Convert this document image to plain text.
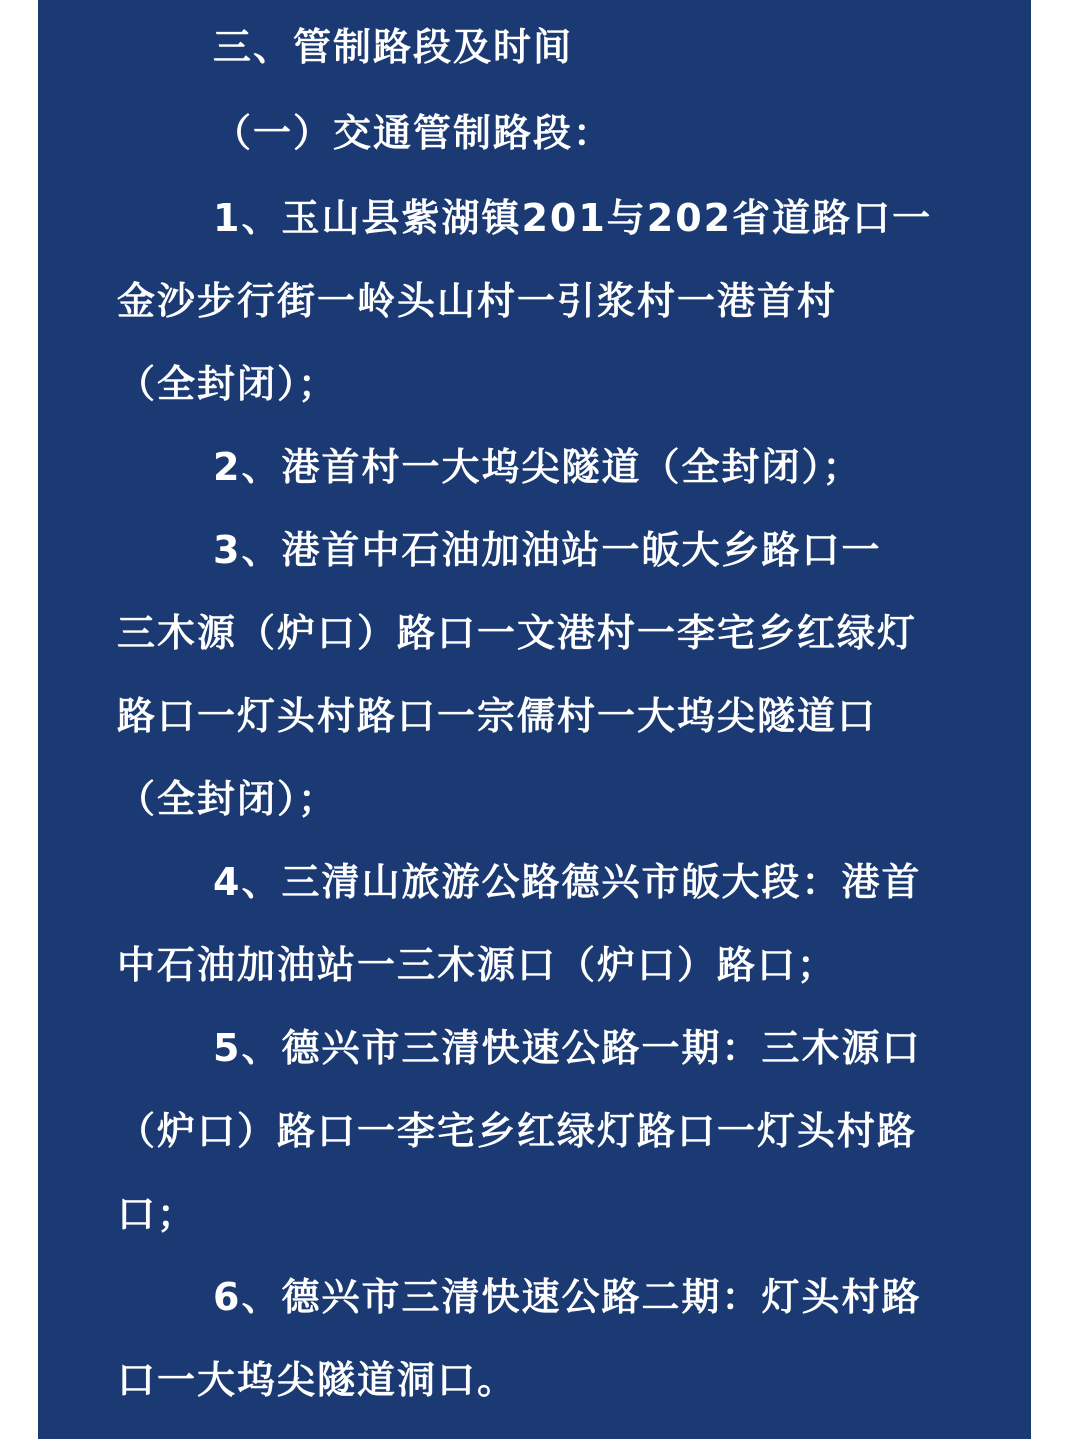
三、管制路段及时间
（一）交通管制路段：
1、玉山县紫湖镇201与202省道路口一
金沙步行街一岭头山村一引浆村一港首村
（全封闭）；
2、港首村一大坞尖隧道（全封闭）；
3、港首中石油加油站一皈大乡路口一
三木源（炉口）路口一文港村一李宅乡红绿灯
路口一灯头村路口一宗儒村一大坞尖隧道口
（全封闭）；
4、三清山旅游公路德兴市皈大段：港首
中石油加油站一三木源口（炉口）路口；
5、德兴市三清快速公路一期：三木源口
（炉口）路口一李宅乡红绿灯路口一灯头村路
口；
6、德兴市三清快速公路二期：灯头村路
口一大坞尖隧道洞口。
